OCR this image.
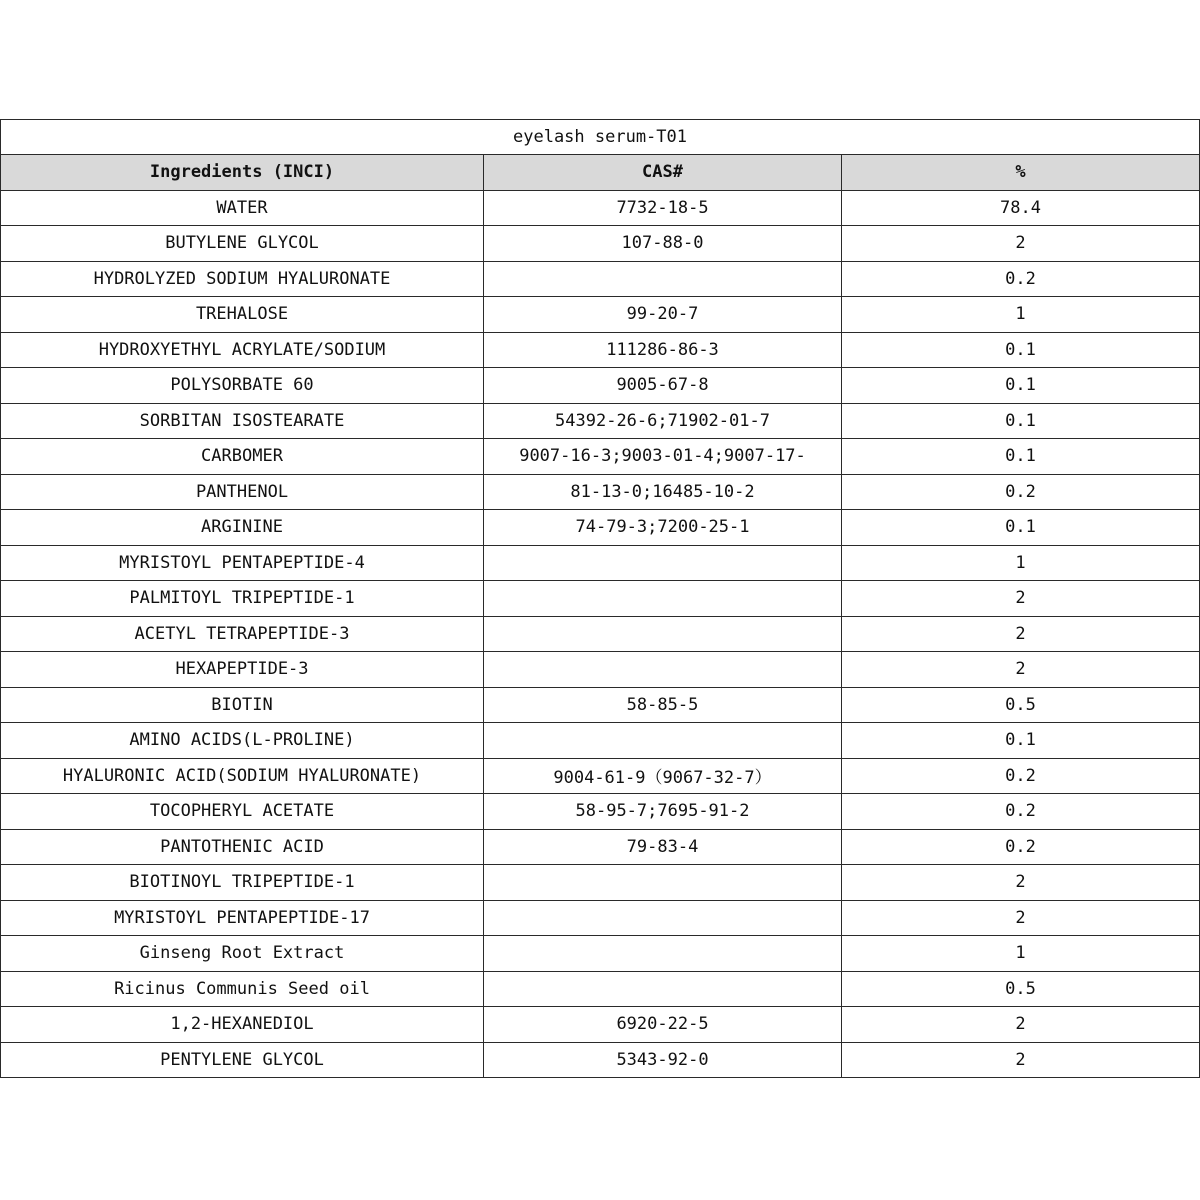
eyelash serum-T01		
Ingredients (INCI)	CAS#	%
WATER	7732-18-5	78.4
BUTYLENE GLYCOL	107-88-0	2
HYDROLYZED SODIUM HYALURONATE		0.2
TREHALOSE	99-20-7	1
HYDROXYETHYL ACRYLATE/SODIUM	111286-86-3	0.1
POLYSORBATE 60	9005-67-8	0.1
SORBITAN ISOSTEARATE	54392-26-6;71902-01-7	0.1
CARBOMER	9007-16-3;9003-01-4;9007-17-	0.1
PANTHENOL	81-13-0;16485-10-2	0.2
ARGININE	74-79-3;7200-25-1	0.1
MYRISTOYL PENTAPEPTIDE-4		1
PALMITOYL TRIPEPTIDE-1		2
ACETYL TETRAPEPTIDE-3		2
HEXAPEPTIDE-3		2
BIOTIN	58-85-5	0.5
AMINO ACIDS(L-PROLINE)		0.1
HYALURONIC ACID(SODIUM HYALURONATE)	9004-61-9（9067-32-7）	0.2
TOCOPHERYL ACETATE	58-95-7;7695-91-2	0.2
PANTOTHENIC ACID	79-83-4	0.2
BIOTINOYL TRIPEPTIDE-1		2
MYRISTOYL PENTAPEPTIDE-17		2
Ginseng Root Extract		1
Ricinus Communis Seed oil		0.5
1,2-HEXANEDIOL	6920-22-5	2
PENTYLENE GLYCOL	5343-92-0	2
